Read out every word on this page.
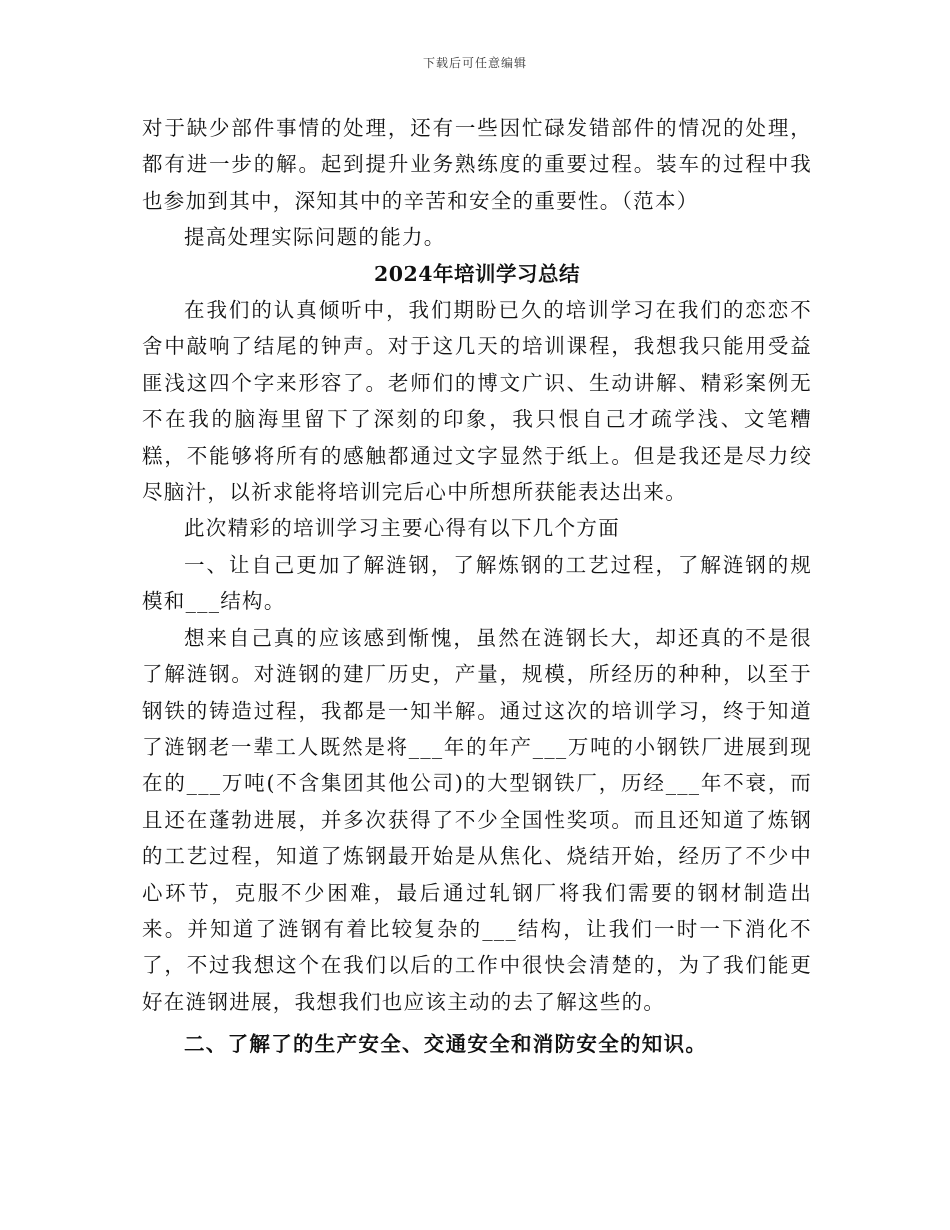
下载后可任意编辑

对于缺少部件事情的处理，还有一些因忙碌发错部件的情况的处理，都有进一步的解。起到提升业务熟练度的重要过程。装车的过程中我也参加到其中，深知其中的辛苦和安全的重要性。（范本）

提高处理实际问题的能力。

2024年培训学习总结

在我们的认真倾听中，我们期盼已久的培训学习在我们的恋恋不舍中敲响了结尾的钟声。对于这几天的培训课程，我想我只能用受益匪浅这四个字来形容了。老师们的博文广识、生动讲解、精彩案例无不在我的脑海里留下了深刻的印象，我只恨自己才疏学浅、文笔糟糕，不能够将所有的感触都通过文字显然于纸上。但是我还是尽力绞尽脑汁，以祈求能将培训完后心中所想所获能表达出来。

此次精彩的培训学习主要心得有以下几个方面

一、让自己更加了解涟钢，了解炼钢的工艺过程，了解涟钢的规模和___结构。

想来自己真的应该感到惭愧，虽然在涟钢长大，却还真的不是很了解涟钢。对涟钢的建厂历史，产量，规模，所经历的种种，以至于钢铁的铸造过程，我都是一知半解。通过这次的培训学习，终于知道了涟钢老一辈工人既然是将___年的年产___万吨的小钢铁厂进展到现在的___万吨(不含集团其他公司)的大型钢铁厂，历经___年不衰，而且还在蓬勃进展，并多次获得了不少全国性奖项。而且还知道了炼钢的工艺过程，知道了炼钢最开始是从焦化、烧结开始，经历了不少中心环节，克服不少困难，最后通过轧钢厂将我们需要的钢材制造出来。并知道了涟钢有着比较复杂的___结构，让我们一时一下消化不了，不过我想这个在我们以后的工作中很快会清楚的，为了我们能更好在涟钢进展，我想我们也应该主动的去了解这些的。

二、了解了的生产安全、交通安全和消防安全的知识。
